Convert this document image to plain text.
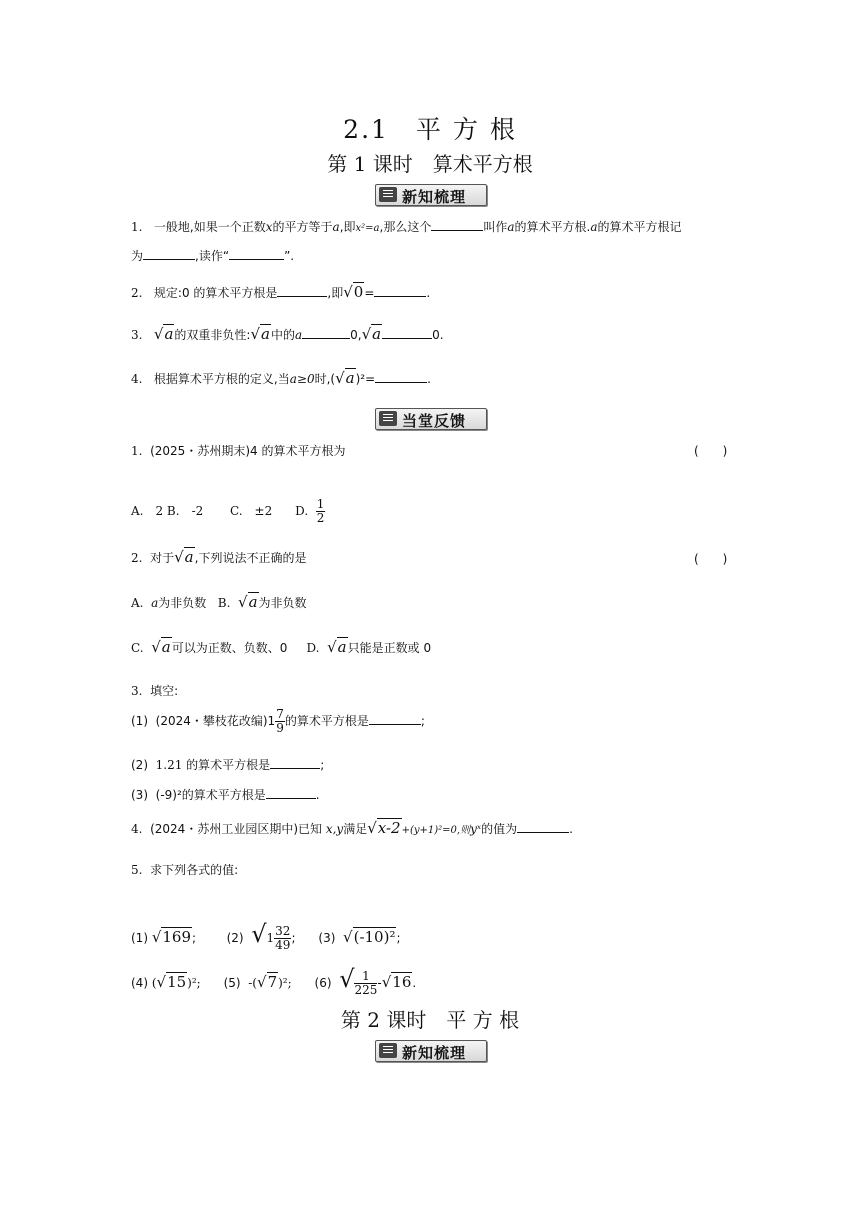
2.1　平 方 根
第 1 课时　算术平方根
新知梳理
1. 一般地,如果一个正数x的平方等于a,即x²=a,那么这个	叫作a的算术平方根.a的算术平方根记
为	,读作“	”.
2. 规定:0 的算术平方根是	,即√0=	.
3. √a的双重非负性:√a中的a	0,√a	0.
4. 根据算术平方根的定义,当a≥0时,(√a)²=	.
当堂反馈
1. (2025・苏州期末)4 的算术平方根为	(　　)
A.　2 B.　-2 C.　±2 D. $\frac{1}{2}$
2. 对于√a,下列说法不正确的是	(　　)
A. a为非负数 B. √a为非负数
C. √a可以为正数、负数、0 D. √a只能是正数或 0
3. 填空:
(1) (2024・攀枝花改编)$1 \frac{7}{9}$ 的算术平方根是	;
(2) 1.21 的算术平方根是	;
(3) (-9)²的算术平方根是	.
4. (2024・苏州工业园区期中)已知 x,y满足√x-2+(y+1)²=0,则yˣ的值为	.
5. 求下列各式的值:
(1) √169;	(2) $√1 \frac{32}{49}$ ; (3) √(-10)²;
(4) (√15)²; (5) -(√7)²; (6) √ $\frac{1}{225} -√16$.
第 2 课时　平 方 根
新知梳理
